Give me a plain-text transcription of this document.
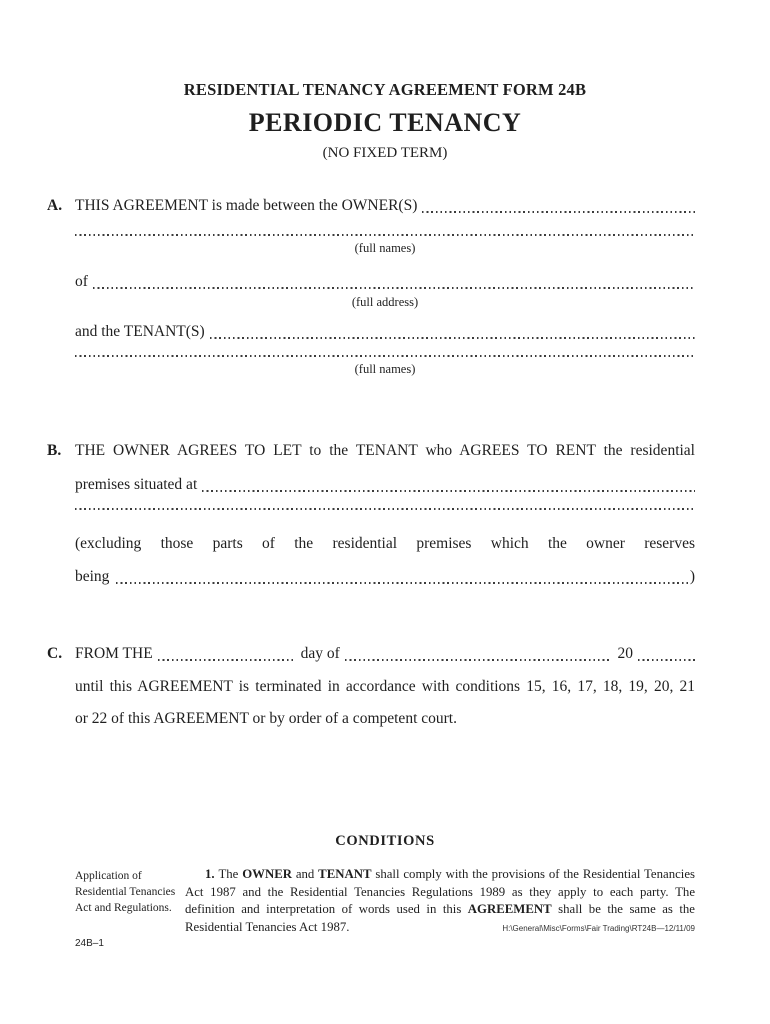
RESIDENTIAL TENANCY AGREEMENT FORM 24B
PERIODIC TENANCY
(NO FIXED TERM)
A. THIS AGREEMENT is made between the OWNER(S)
(full names)
of
(full address)
and the TENANT(S)
(full names)
B. THE OWNER AGREES TO LET to the TENANT who AGREES TO RENT the residential
premises situated at
(excluding those parts of the residential premises which the owner reserves
being	)
C. FROM THE	day of	20
until this AGREEMENT is terminated in accordance with conditions 15, 16, 17, 18, 19, 20, 21
or 22 of this AGREEMENT or by order of a competent court.
CONDITIONS
Application of Residential Tenancies Act and Regulations.
1. The OWNER and TENANT shall comply with the provisions of the Residential Tenancies Act 1987 and the Residential Tenancies Regulations 1989 as they apply to each party. The definition and interpretation of words used in this AGREEMENT shall be the same as the Residential Tenancies Act 1987.	H:\General\Misc\Forms\Fair Trading\RT24B—12/11/09
24B–1
